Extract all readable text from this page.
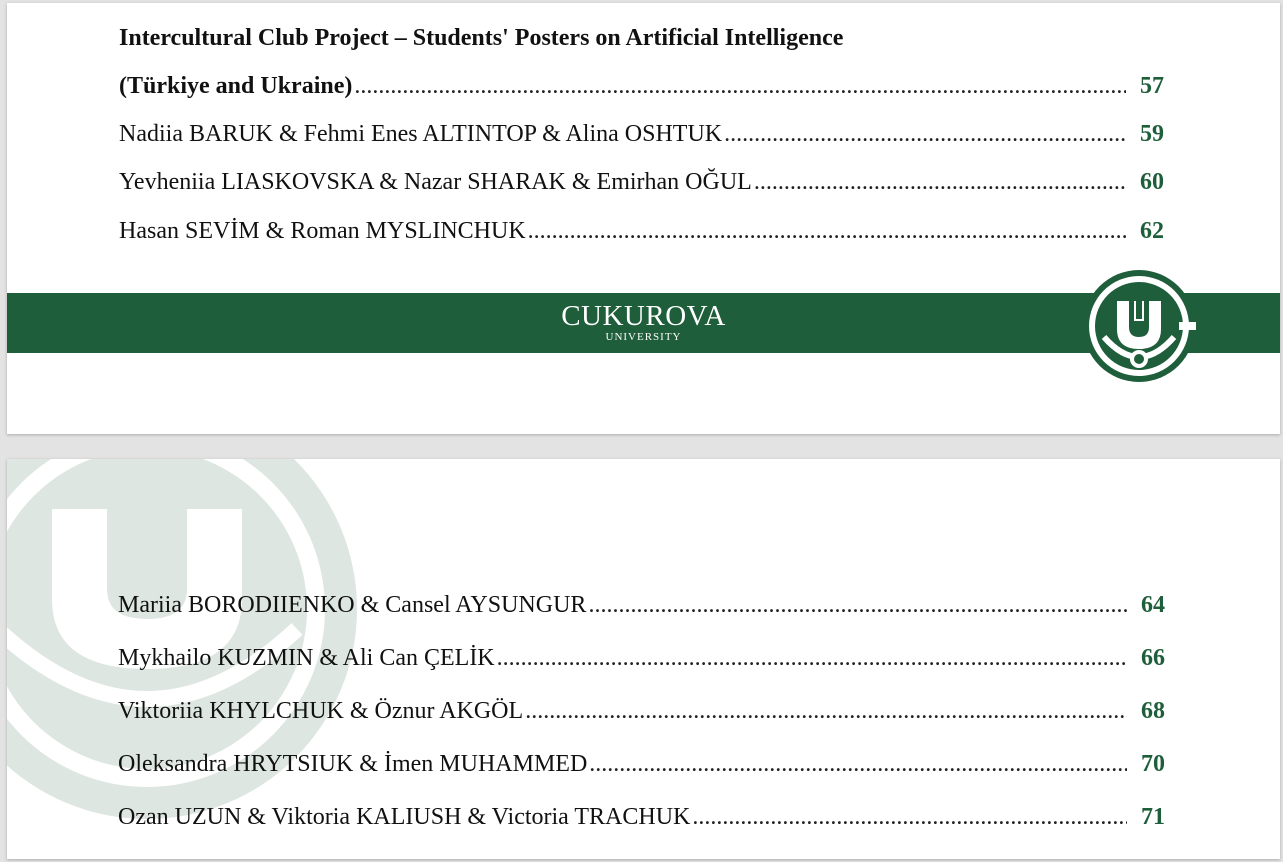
Intercultural Club Project – Students' Posters on Artificial Intelligence
(Türkiye and Ukraine) .....	57
Nadiia BARUK & Fehmi Enes ALTINTOP & Alina OSHTUK .....	59
Yevheniia LIASKOVSKA & Nazar SHARAK & Emirhan OĞUL .....	60
Hasan SEVİM & Roman MYSLINCHUK .....	62
CUKUROVA
UNIVERSITY
Mariia BORODIIENKO & Cansel AYSUNGUR .....	64
Mykhailo KUZMIN & Ali Can ÇELİK .....	66
Viktoriia KHYLCHUK & Öznur AKGÖL .....	68
Oleksandra HRYTSIUK & İmen MUHAMMED .....	70
Ozan UZUN & Viktoria KALIUSH & Victoria TRACHUK .....	71
